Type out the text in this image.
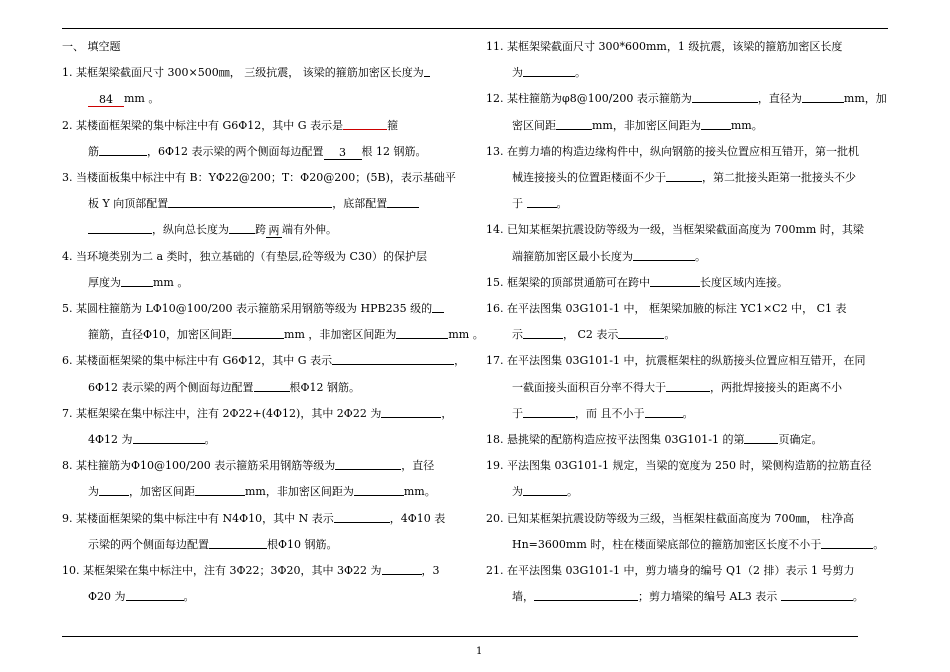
一、 填空题
1. 某框架梁截面尺寸 300×500㎜， 三级抗震， 该梁的箍筋加密区长度为
84 mm 。
2. 某楼面框架梁的集中标注中有 G6Φ12，其中 G 表示是	箍
筋	，6Φ12 表示梁的两个侧面每边配置 3 根 12 钢筋。
3. 当楼面板集中标注中有 B：YΦ22@200；T：Φ20@200；(5B)，表示基础平
板 Y 向顶部配置	，底部配置
，纵向总长度为 跨 两 端有外伸。
4. 当环境类别为二 a 类时，独立基础的（有垫层,砼等级为 C30）的保护层
厚度为	mm 。
5. 某圆柱箍筋为 LΦ10@100/200 表示箍筋采用钢筋等级为 HPB235 级的
箍筋，直径Φ10，加密区间距	mm ，非加密区间距为	mm 。
6. 某楼面框架梁的集中标注中有 G6Φ12，其中 G 表示	，
6Φ12 表示梁的两个侧面每边配置	根Φ12 钢筋。
7. 某框架梁在集中标注中，注有 2Φ22+(4Φ12)，其中 2Φ22 为	，
4Φ12 为	。
8. 某柱箍筋为Φ10@100/200 表示箍筋采用钢筋等级为	，直径
为	，加密区间距	mm，非加密区间距为	mm。
9. 某楼面框架梁的集中标注中有 N4Φ10，其中 N 表示	，4Φ10 表
示梁的两个侧面每边配置	根Φ10 钢筋。
10. 某框架梁在集中标注中，注有 3Φ22；3Φ20，其中 3Φ22 为	，3
Φ20 为	。
11. 某框架梁截面尺寸 300*600mm，1 级抗震，该梁的箍筋加密区长度
为	。
12. 某柱箍筋为φ8@100/200 表示箍筋为	，直径为	mm，加
密区间距	mm，非加密区间距为	mm。
13. 在剪力墙的构造边缘构件中，纵向钢筋的接头位置应相互错开，第一批机
械连接接头的位置距楼面不少于	，第二批接头距第一批接头不少
于	。
14. 已知某框架抗震设防等级为一级，当框架梁截面高度为 700mm 时，其梁
端箍筋加密区最小长度为	。
15. 框架梁的顶部贯通筋可在跨中	长度区域内连接。
16. 在平法图集 03G101-1 中， 框架梁加腋的标注 YC1×C2 中， C1 表
示	， C2 表示	。
17. 在平法图集 03G101-1 中，抗震框架柱的纵筋接头位置应相互错开，在同
一截面接头面积百分率不得大于	，两批焊接接头的距离不小
于	，而 且不小于	。
18. 悬挑梁的配筋构造应按平法图集 03G101-1 的第	页确定。
19. 平法图集 03G101-1 规定，当梁的宽度为 250 时，梁侧构造筋的拉筋直径
为	。
20. 已知某框架抗震设防等级为三级，当框架柱截面高度为 700㎜， 柱净高
Hn=3600mm 时，柱在楼面梁底部位的箍筋加密区长度不小于	。
21. 在平法图集 03G101-1 中，剪力墙身的编号 Q1（2 排）表示 1 号剪力
墙，	；剪力墙梁的编号 AL3 表示	。
1
